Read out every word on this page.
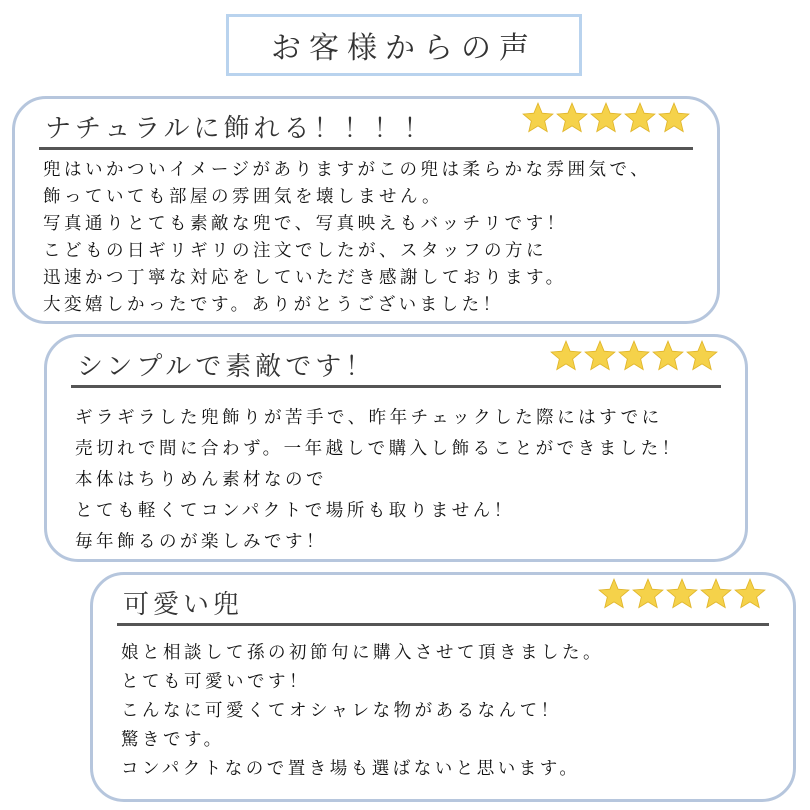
お客様からの声
ナチュラルに飾れる！！！！
兜はいかついイメージがありますがこの兜は柔らかな雰囲気で、
飾っていても部屋の雰囲気を壊しません。
写真通りとても素敵な兜で、写真映えもバッチリです！
こどもの日ギリギリの注文でしたが、スタッフの方に
迅速かつ丁寧な対応をしていただき感謝しております。
大変嬉しかったです。ありがとうございました！
シンプルで素敵です！
ギラギラした兜飾りが苦手で、昨年チェックした際にはすでに
売切れで間に合わず。一年越しで購入し飾ることができました！
本体はちりめん素材なので
とても軽くてコンパクトで場所も取りません！
毎年飾るのが楽しみです！
可愛い兜
娘と相談して孫の初節句に購入させて頂きました。
とても可愛いです！
こんなに可愛くてオシャレな物があるなんて！
驚きです。
コンパクトなので置き場も選ばないと思います。
